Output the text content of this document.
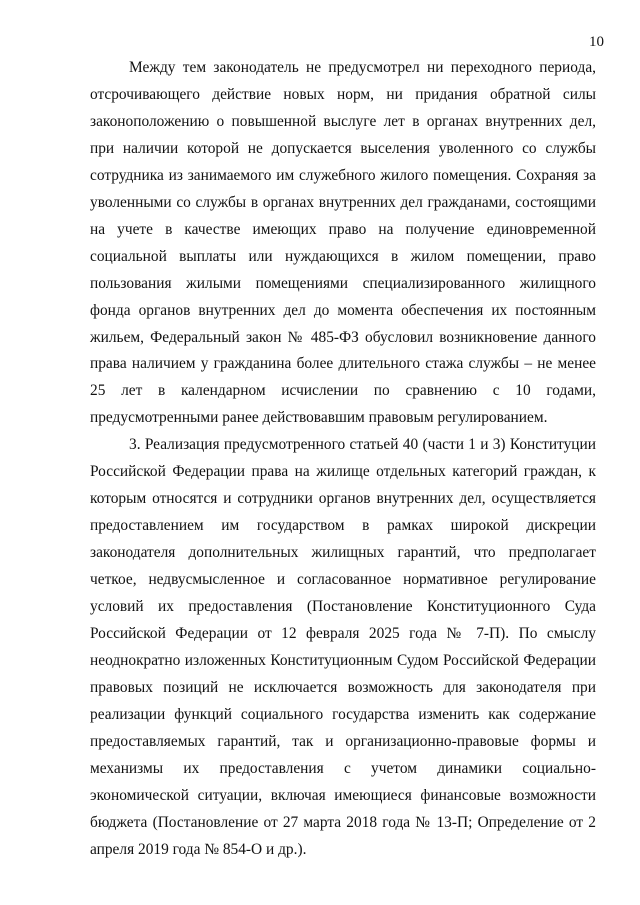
10

Между тем законодатель не предусмотрел ни переходного периода, отсрочивающего действие новых норм, ни придания обратной силы законоположению о повышенной выслуге лет в органах внутренних дел, при наличии которой не допускается выселения уволенного со службы сотрудника из занимаемого им служебного жилого помещения. Сохраняя за уволенными со службы в органах внутренних дел гражданами, состоящими на учете в качестве имеющих право на получение единовременной социальной выплаты или нуждающихся в жилом помещении, право пользования жилыми помещениями специализированного жилищного фонда органов внутренних дел до момента обеспечения их постоянным жильем, Федеральный закон № 485-ФЗ обусловил возникновение данного права наличием у гражданина более длительного стажа службы – не менее 25 лет в календарном исчислении по сравнению с 10 годами, предусмотренными ранее действовавшим правовым регулированием.

3. Реализация предусмотренного статьей 40 (части 1 и 3) Конституции Российской Федерации права на жилище отдельных категорий граждан, к которым относятся и сотрудники органов внутренних дел, осуществляется предоставлением им государством в рамках широкой дискреции законодателя дополнительных жилищных гарантий, что предполагает четкое, недвусмысленное и согласованное нормативное регулирование условий их предоставления (Постановление Конституционного Суда Российской Федерации от 12 февраля 2025 года № 7-П). По смыслу неоднократно изложенных Конституционным Судом Российской Федерации правовых позиций не исключается возможность для законодателя при реализации функций социального государства изменить как содержание предоставляемых гарантий, так и организационно-правовые формы и механизмы их предоставления с учетом динамики социально-экономической ситуации, включая имеющиеся финансовые возможности бюджета (Постановление от 27 марта 2018 года № 13-П; Определение от 2 апреля 2019 года № 854-О и др.).
